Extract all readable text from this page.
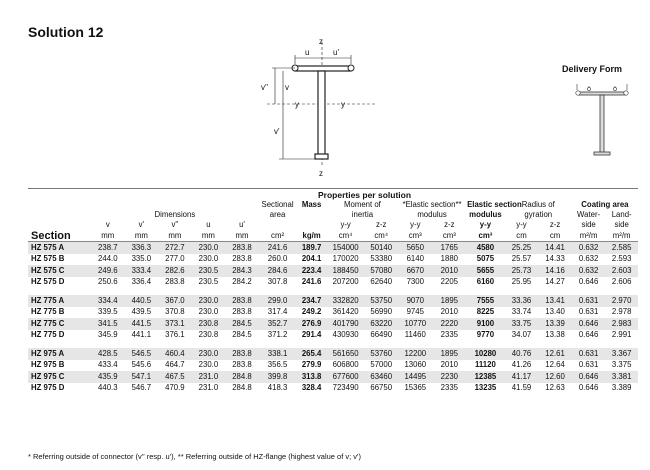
Solution 12
z
z
u	u'
v'' v
v'
y	y
Delivery Form
	Properties per solution															
						Sectional	Mass	Moment of		*Elastic section**		Elastic section	Radius of		Coating area	
	Dimensions					area		inertia		modulus		modulus	gyration		Water-	Land-
	v	v'	v''	u	u'			y-y	z-z	y-y	z-z	y-y	y-y	z-z	side	side
Section	mm	mm	mm	mm	mm	cm²	kg/m	cm⁴	cm⁴	cm³	cm³	cm³	cm	cm	m²/m	m²/m
HZ 575 A	238.7	336.3	272.7	230.0	283.8	241.6	189.7	154000	50140	5650	1765	4580	25.25	14.41	0.632	2.585
HZ 575 B	244.0	335.0	277.0	230.0	283.8	260.0	204.1	170020	53380	6140	1880	5075	25.57	14.33	0.632	2.593
HZ 575 C	249.6	333.4	282.6	230.5	284.3	284.6	223.4	188450	57080	6670	2010	5655	25.73	14.16	0.632	2.603
HZ 575 D	250.6	336.4	283.8	230.5	284.2	307.8	241.6	207200	62640	7300	2205	6160	25.95	14.27	0.646	2.606

HZ 775 A	334.4	440.5	367.0	230.0	283.8	299.0	234.7	332820	53750	9070	1895	7555	33.36	13.41	0.631	2.970
HZ 775 B	339.5	439.5	370.8	230.0	283.8	317.4	249.2	361420	56990	9745	2010	8225	33.74	13.40	0.631	2.978
HZ 775 C	341.5	441.5	373.1	230.8	284.5	352.7	276.9	401790	63220	10770	2220	9100	33.75	13.39	0.646	2.983
HZ 775 D	345.9	441.1	376.1	230.8	284.5	371.2	291.4	430930	66490	11460	2335	9770	34.07	13.38	0.646	2.991

HZ 975 A	428.5	546.5	460.4	230.0	283.8	338.1	265.4	561650	53760	12200	1895	10280	40.76	12.61	0.631	3.367
HZ 975 B	433.4	545.6	464.7	230.0	283.8	356.5	279.9	606800	57000	13060	2010	11120	41.26	12.64	0.631	3.375
HZ 975 C	435.9	547.1	467.5	231.0	284.8	399.8	313.8	677600	63460	14495	2230	12385	41.17	12.60	0.646	3.381
HZ 975 D	440.3	546.7	470.9	231.0	284.8	418.3	328.4	723490	66750	15365	2335	13235	41.59	12.63	0.646	3.389
* Referring outside of connector (v'' resp. u'), ** Referring outside of HZ-flange (highest value of v; v')
